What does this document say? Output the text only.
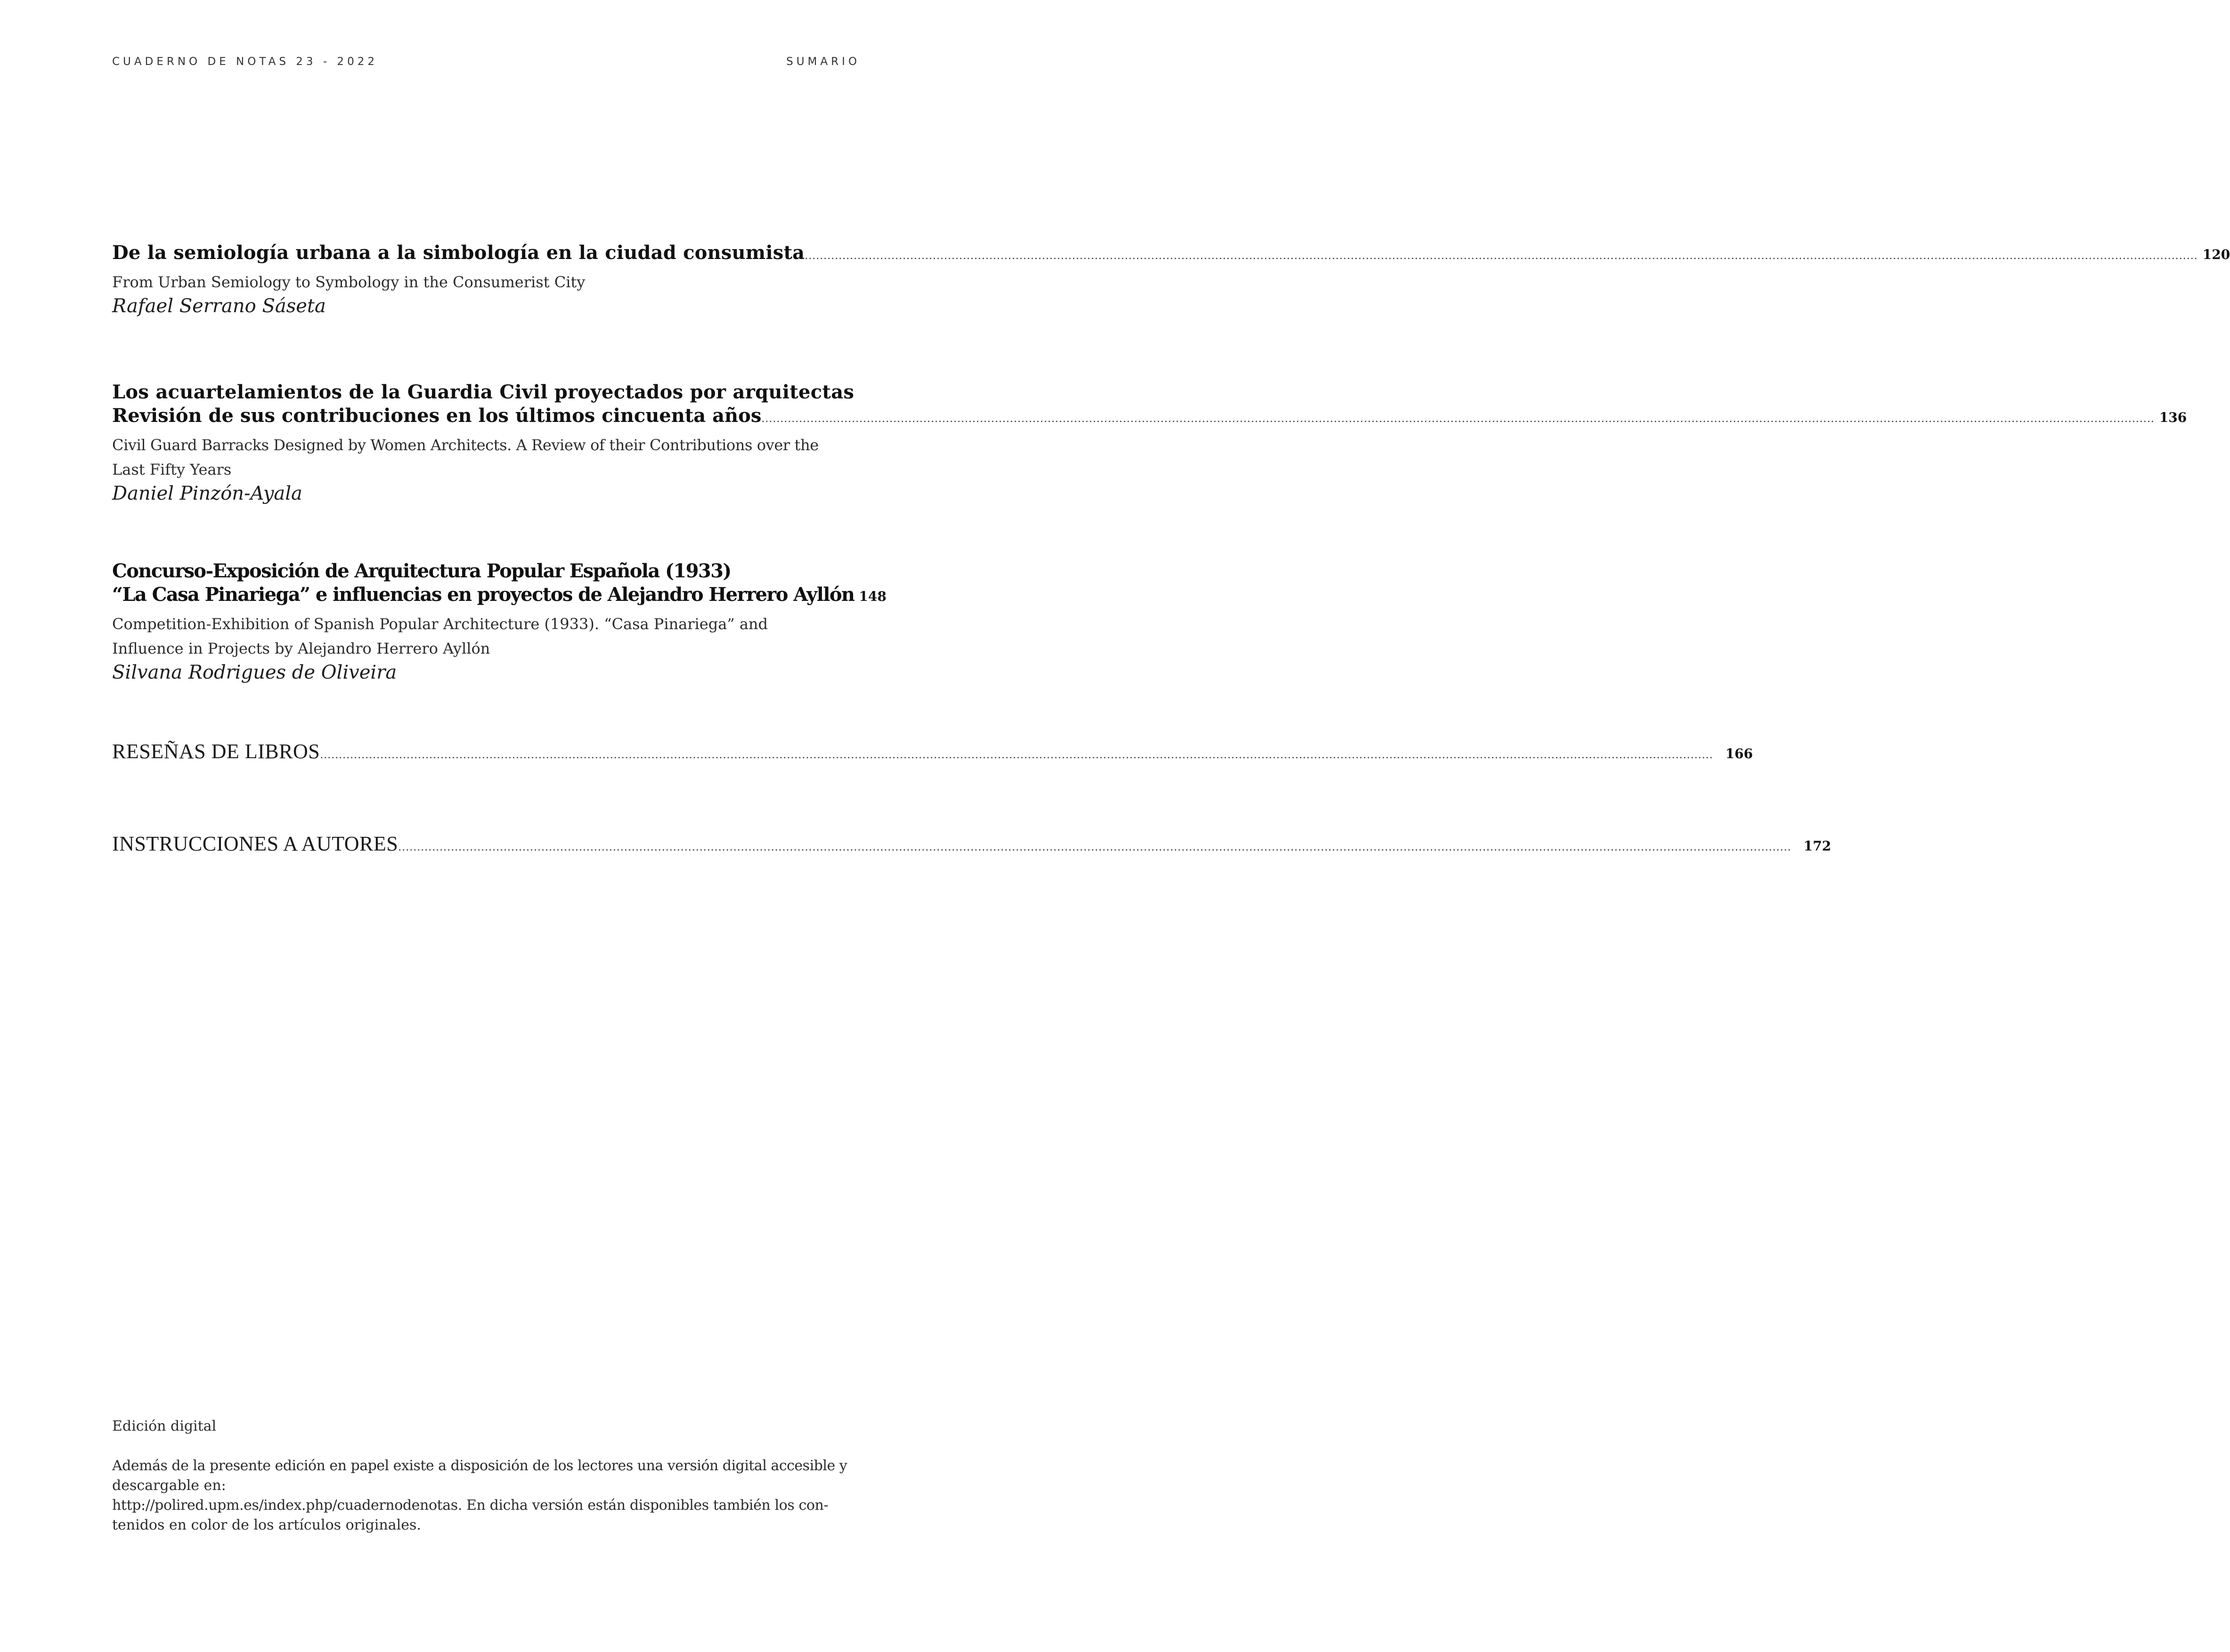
CUADERNO DE NOTAS 23 - 2022	SUMARIO
De la semiología urbana a la simbología en la ciudad consumista .................................................................................................................................................................................................................................................................................................................................................................................. 120
From Urban Semiology to Symbology in the Consumerist City
Rafael Serrano Sáseta
Los acuartelamientos de la Guardia Civil proyectados por arquitectas
Revisión de sus contribuciones en los últimos cincuenta años .................................................................................................................................................................................................................................................................................................................................................................................. 136
Civil Guard Barracks Designed by Women Architects. A Review of their Contributions over the
Last Fifty Years
Daniel Pinzón-Ayala
Concurso-Exposición de Arquitectura Popular Española (1933)
“La Casa Pinariega” e influencias en proyectos de Alejandro Herrero Ayllón 148
Competition-Exhibition of Spanish Popular Architecture (1933). “Casa Pinariega” and
Influence in Projects by Alejandro Herrero Ayllón
Silvana Rodrigues de Oliveira
RESEÑAS DE LIBROS .................................................................................................................................................................................................................................................................................................................................................................................. 166
INSTRUCCIONES A AUTORES .................................................................................................................................................................................................................................................................................................................................................................................. 172

Edición digital

Además de la presente edición en papel existe a disposición de los lectores una versión digital accesible y

descargable en:

http://polired.upm.es/index.php/cuadernodenotas. En dicha versión están disponibles también los con-

tenidos en color de los artículos originales.
